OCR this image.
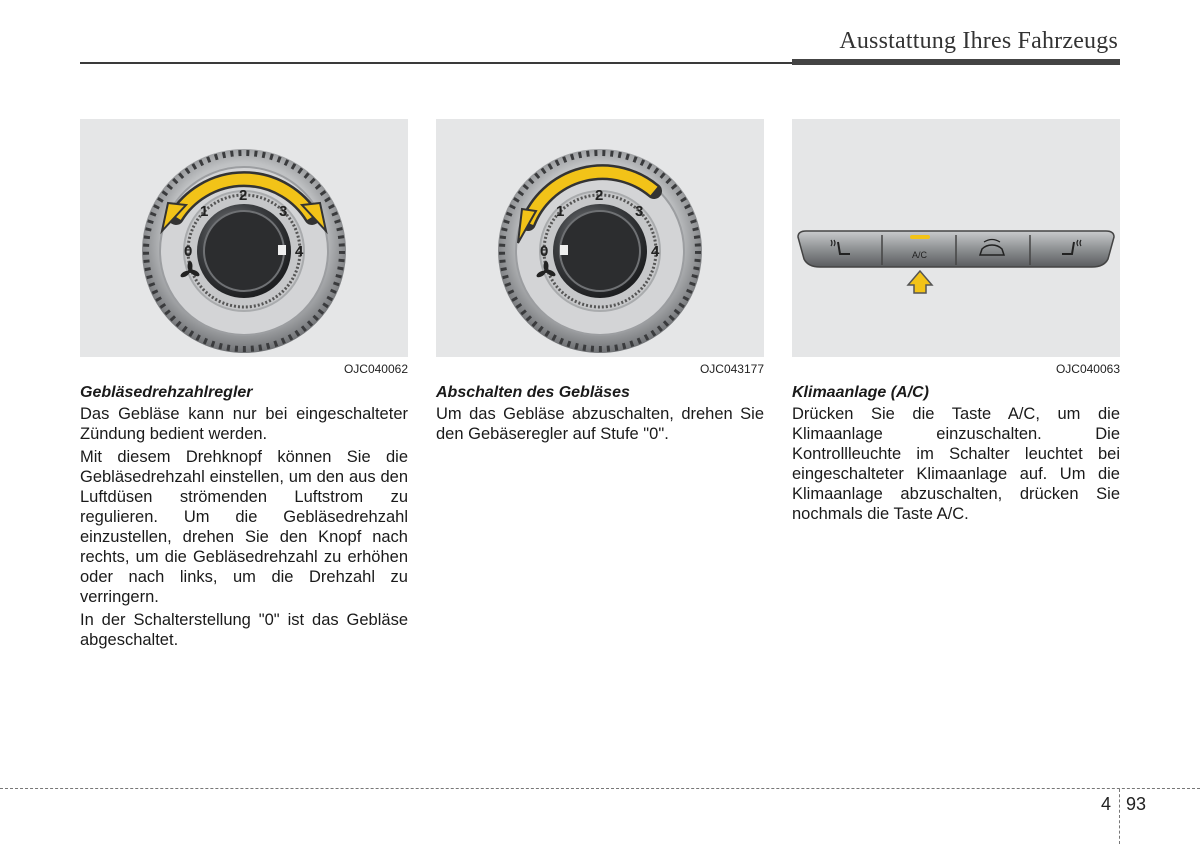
Ausstattung Ihres Fahrzeugs
0
1
2
3
4
OJC040062
Gebläsedrehzahlregler

Das Gebläse kann nur bei eingeschalteter Zündung bedient werden.

Mit diesem Drehknopf können Sie die Gebläsedrehzahl einstellen, um den aus den Luftdüsen strömenden Luftstrom zu regulieren. Um die Gebläsedrehzahl einzustellen, drehen Sie den Knopf nach rechts, um die Gebläsedrehzahl zu erhöhen oder nach links, um die Drehzahl zu verringern.

In der Schalterstellung "0" ist das Gebläse abgeschaltet.

0
1
2
3
4
OJC043177
Abschalten des Gebläses

Um das Gebläse abzuschalten, drehen Sie den Gebäseregler auf Stufe "0".

A/C
OJC040063
Klimaanlage (A/C)

Drücken Sie die Taste A/C, um die Klimaanlage einzuschalten. Die Kontrollleuchte im Schalter leuchtet bei eingeschalteter Klimaanlage auf. Um die Klimaanlage abzuschalten, drücken Sie nochmals die Taste A/C.

4 93
